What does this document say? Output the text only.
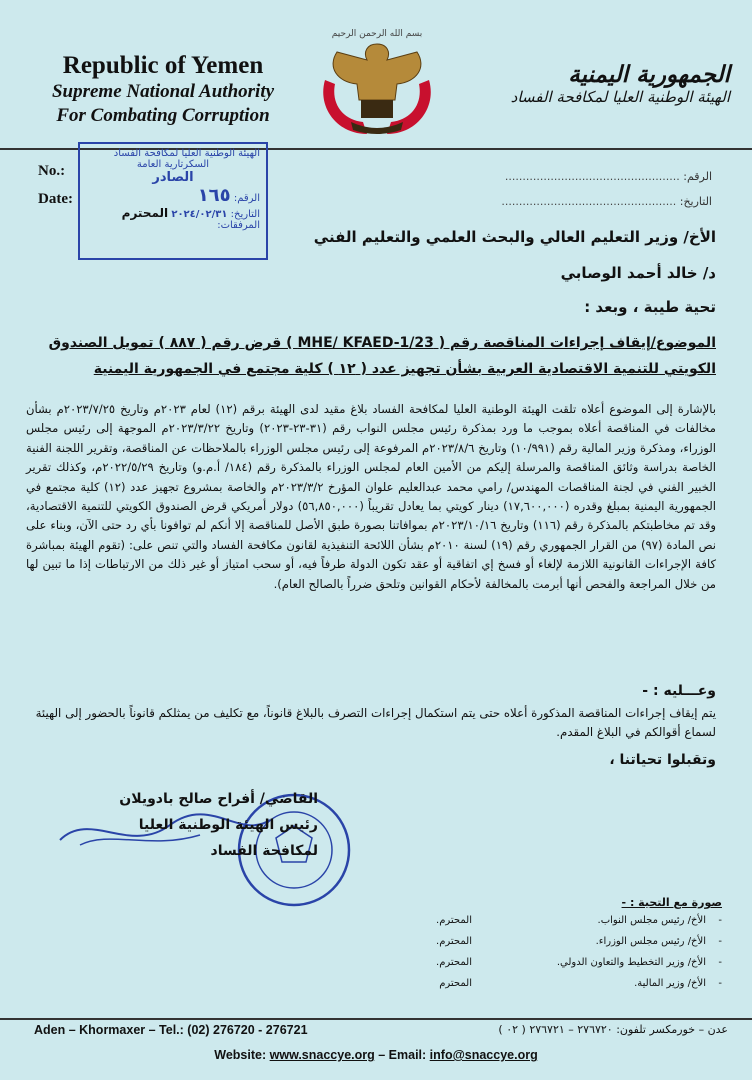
Republic of Yemen
Supreme National Authority
For Combating Corruption
بسم الله الرحمن الرحيم
الجمهورية اليمنية
الهيئة الوطنية العليا لمكافحة الفساد
No.:
Date:
الهيئة الوطنية العليا لمكافحة الفساد
السكرتارية العامة
الصادر
الرقم: ١٦٥
التاريخ: ٢٠٢٤/٠٢/٣١ المحترم
المرفقات:
الرقم: ..................................................
التاريخ: ..................................................
الأخ/ وزير التعليم العالي والبحث العلمي والتعليم الفني
د/ خالد أحمد الوصابي
تحية طيبة ، وبعد :
الموضوع/إيقاف إجراءات المناقصة رقم ( MHE/ KFAED-1/23 ) قرض رقم ( ٨٨٧ ) تمويل الصندوق
الكويتي للتنمية الاقتصادية العربية بشأن تجهيز عدد ( ١٢ ) كلية مجتمع في الجمهورية اليمنية
بالإشارة إلى الموضوع أعلاه تلقت الهيئة الوطنية العليا لمكافحة الفساد بلاغ مقيد لدى الهيئة برقم (١٢) لعام ٢٠٢٣م وتاريخ ٢٠٢٣/٧/٢٥م بشأن مخالفات في المناقصة أعلاه بموجب ما ورد بمذكرة رئيس مجلس النواب رقم (٣١-٢٣-٢٠٢٣) وتاريخ ٢٠٢٣/٣/٢٢م الموجهة إلى رئيس مجلس الوزراء، ومذكرة وزير المالية رقم (١٠/٩٩١) وتاريخ ٢٠٢٣/٨/٦م المرفوعة إلى رئيس مجلس الوزراء بالملاحظات عن المناقصة، وتقرير اللجنة الفنية الخاصة بدراسة وثائق المناقصة والمرسلة إليكم من الأمين العام لمجلس الوزراء بالمذكرة رقم (١٨٤/ أ.م.و) وتاريخ ٢٠٢٢/٥/٢٩م، وكذلك تقرير الخبير الفني في لجنة المناقصات المهندس/ رامي محمد عبدالعليم علوان المؤرخ ٢٠٢٣/٣/٢م والخاصة بمشروع تجهيز عدد (١٢) كلية مجتمع في الجمهورية اليمنية بمبلغ وقدره (١٧,٦٠٠,٠٠٠) دينار كويتي بما يعادل تقريباً (٥٦,٨٥٠,٠٠٠) دولار أمريكي قرض الصندوق الكويتي للتنمية الاقتصادية، وقد تم مخاطبتكم بالمذكرة رقم (١١٦) وتاريخ ٢٠٢٣/١٠/١٦م بموافاتنا بصورة طبق الأصل للمناقصة إلا أنكم لم توافونا بأي رد حتى الآن، وبناء على نص المادة (٩٧) من القرار الجمهوري رقم (١٩) لسنة ٢٠١٠م بشأن اللائحة التنفيذية لقانون مكافحة الفساد والتي تنص على: (تقوم الهيئة بمباشرة كافة الإجراءات القانونية اللازمة لإلغاء أو فسخ إي اتفاقية أو عقد تكون الدولة طرفاً فيه، أو سحب امتياز أو غير ذلك من الارتباطات إذا ما تبين لها من خلال المراجعة والفحص أنها أبرمت بالمخالفة لأحكام القوانين وتلحق ضرراً بالصالح العام).
وعـــليه : -
يتم إيقاف إجراءات المناقصة المذكورة أعلاه حتى يتم استكمال إجراءات التصرف بالبلاغ قانوناً، مع تكليف من يمثلكم قانوناً بالحضور إلى الهيئة لسماع أقوالكم في البلاغ المقدم.
وتقبلوا تحياتنا ،
القاضي/ أفراح صالح بادويلان
رئيس الهيئة الوطنية العليا
لمكافحة الفساد
صورة مع التحية : -
-
الأخ/ رئيس مجلس النواب.
المحترم.
-
الأخ/ رئيس مجلس الوزراء.
المحترم.
-
الأخ/ وزير التخطيط والتعاون الدولي.
المحترم.
-
الأخ/ وزير المالية.
المحترم
Aden – Khormaxer – Tel.: (02) 276720 - 276721	عدن – خورمكسر تلفون: ٢٧٦٧٢٠ – ٢٧٦٧٢١ ( ٠٢ )
Website: www.snaccye.org – Email: info@snaccye.org
